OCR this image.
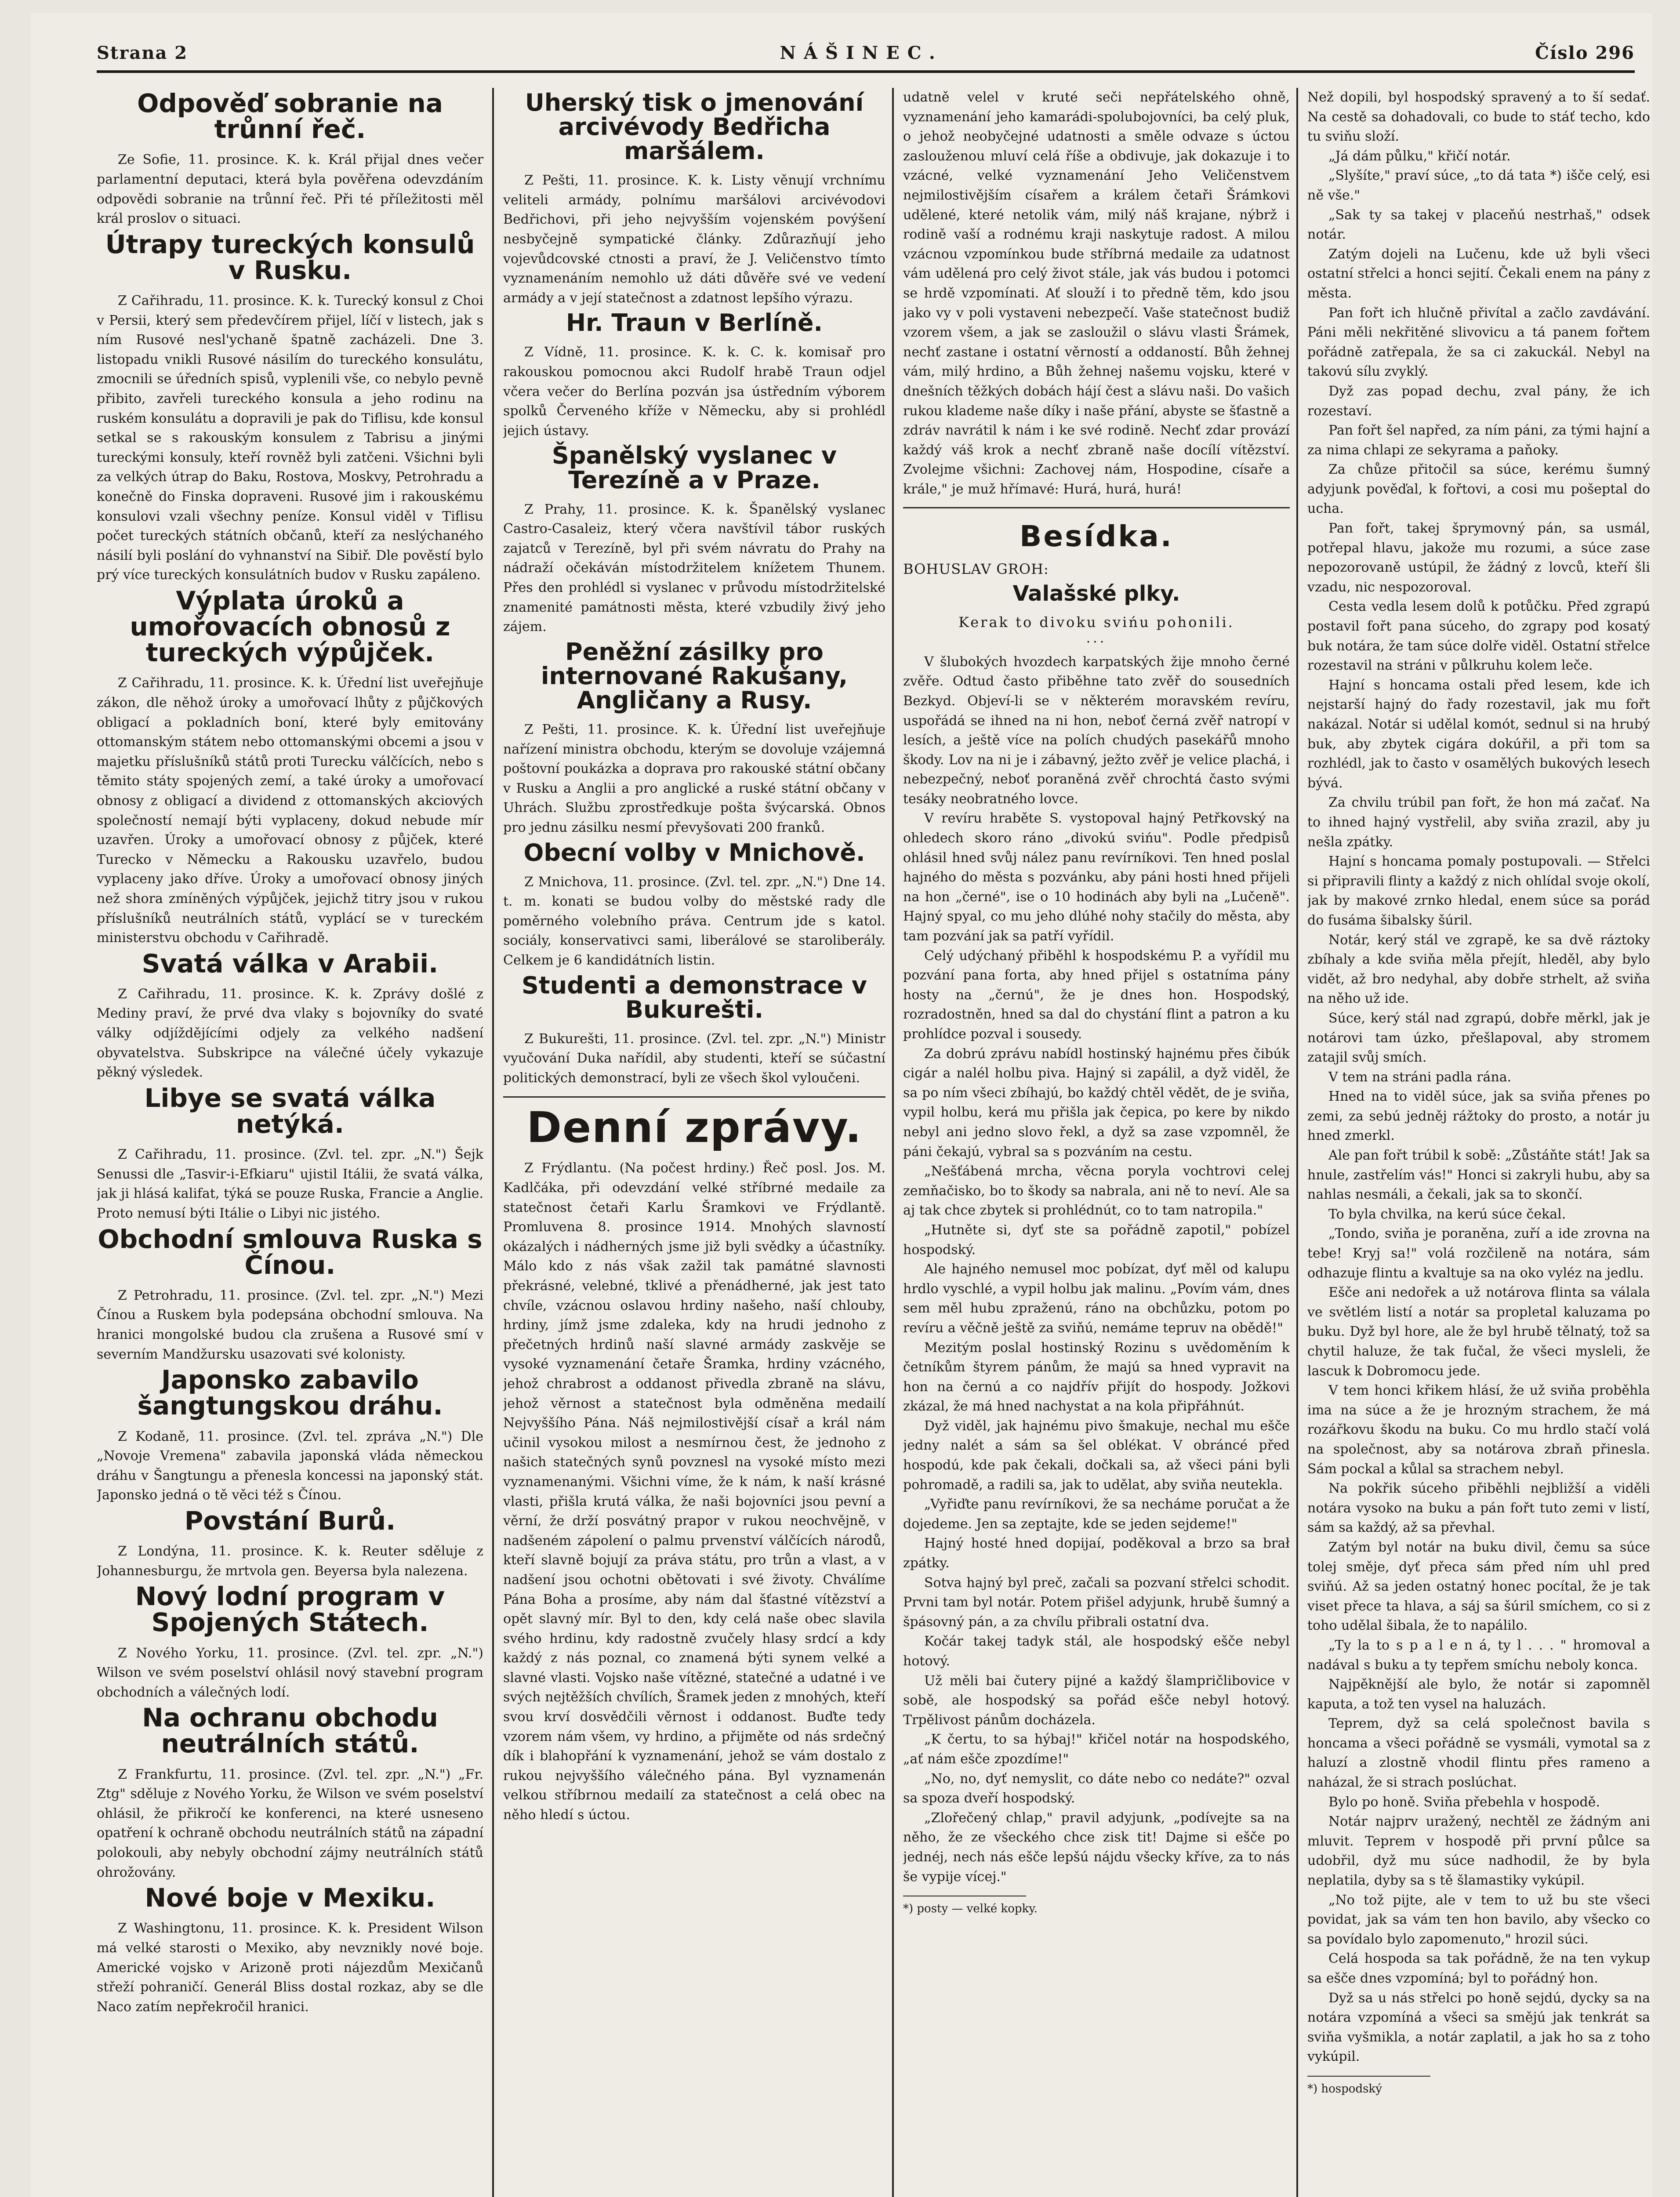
Strana 2	NÁŠINEC.	Číslo 296
Odpověď sobranie na trůnní řeč.

Ze Sofie, 11. prosince. K. k. Král přijal dnes večer parlamentní deputaci, která byla pověřena odevzdáním odpovědi sobranie na trůnní řeč. Při té příležitosti měl král proslov o situaci.

Útrapy tureckých konsulů v Rusku.

Z Cařihradu, 11. prosince. K. k. Turecký konsul z Choi v Persii, který sem předevčírem přijel, líčí v listech, jak s ním Rusové nesl'ychaně špatně zacházeli. Dne 3. listopadu vnikli Rusové násilím do tureckého konsulátu, zmocnili se úředních spisů, vyplenili vše, co nebylo pevně přibito, zavřeli tureckého konsula a jeho rodinu na ruském konsulátu a dopravili je pak do Tiflisu, kde konsul setkal se s rakouským konsulem z Tabrisu a jinými tureckými konsuly, kteří rovněž byli zatčeni. Všichni byli za velkých útrap do Baku, Rostova, Moskvy, Petrohradu a konečně do Finska dopraveni. Rusové jim i rakouskému konsulovi vzali všechny peníze. Konsul viděl v Tiflisu počet tureckých státních občanů, kteří za neslýchaného násilí byli poslání do vyhnanství na Sibiř. Dle pověstí bylo prý více tureckých konsulátních budov v Rusku zapáleno.

Výplata úroků a umořovacích obnosů z tureckých výpůjček.

Z Cařihradu, 11. prosince. K. k. Úřední list uveřejňuje zákon, dle něhož úroky a umořovací lhůty z půjčkových obligací a pokladních boní, které byly emitovány ottomanským státem nebo ottomanskými obcemi a jsou v majetku příslušníků států proti Turecku válčících, nebo s těmito státy spojených zemí, a také úroky a umořovací obnosy z obligací a dividend z ottomanských akciových společností nemají býti vyplaceny, dokud nebude mír uzavřen. Úroky a umořovací obnosy z půjček, které Turecko v Německu a Rakousku uzavřelo, budou vyplaceny jako dříve. Úroky a umořovací obnosy jiných než shora zmíněných výpůjček, jejichž titry jsou v rukou příslušníků neutrálních států, vyplácí se v tureckém ministerstvu obchodu v Cařihradě.

Svatá válka v Arabii.

Z Cařihradu, 11. prosince. K. k. Zprávy došlé z Mediny praví, že prvé dva vlaky s bojovníky do svaté války odjíždějícími odjely za velkého nadšení obyvatelstva. Subskripce na válečné účely vykazuje pěkný výsledek.

Libye se svatá válka netýká.

Z Cařihradu, 11. prosince. (Zvl. tel. zpr. „N.") Šejk Senussi dle „Tasvir-i-Efkiaru" ujistil Itálii, že svatá válka, jak ji hlásá kalifat, týká se pouze Ruska, Francie a Anglie. Proto nemusí býti Itálie o Libyi nic jistého.

Obchodní smlouva Ruska s Čínou.

Z Petrohradu, 11. prosince. (Zvl. tel. zpr. „N.") Mezi Čínou a Ruskem byla podepsána obchodní smlouva. Na hranici mongolské budou cla zrušena a Rusové smí v severním Mandžursku usazovati své kolonisty.

Japonsko zabavilo šangtungskou dráhu.

Z Kodaně, 11. prosince. (Zvl. tel. zpráva „N.") Dle „Novoje Vremena" zabavila japonská vláda německou dráhu v Šangtungu a přenesla koncessi na japonský stát. Japonsko jedná o tě věci též s Čínou.

Povstání Burů.

Z Londýna, 11. prosince. K. k. Reuter sděluje z Johannesburgu, že mrtvola gen. Beyersa byla nalezena.

Nový lodní program v Spojených Státech.

Z Nového Yorku, 11. prosince. (Zvl. tel. zpr. „N.") Wilson ve svém poselství ohlásil nový stavební program obchodních a válečných lodí.

Na ochranu obchodu neutrálních států.

Z Frankfurtu, 11. prosince. (Zvl. tel. zpr. „N.") „Fr. Ztg" sděluje z Nového Yorku, že Wilson ve svém poselství ohlásil, že přikročí ke konferenci, na které usneseno opatření k ochraně obchodu neutrálních států na západní polokouli, aby nebyly obchodní zájmy neutrálních států ohrožovány.

Nové boje v Mexiku.

Z Washingtonu, 11. prosince. K. k. President Wilson má velké starosti o Mexiko, aby nevznikly nové boje. Americké vojsko v Arizoně proti nájezdům Mexičanů střeží pohraničí. Generál Bliss dostal rozkaz, aby se dle Naco zatím nepřekročil hranici.

Uherský tisk o jmenování arcivévody Bedřicha maršálem.

Z Pešti, 11. prosince. K. k. Listy věnují vrchnímu veliteli armády, polnímu maršálovi arcivévodovi Bedřichovi, při jeho nejvyšším vojenském povýšení nesbyčejně sympatické články. Zdůrazňují jeho vojevůdcovské ctnosti a praví, že J. Veličenstvo tímto vyznamenáním nemohlo už dáti důvěře své ve vedení armády a v její statečnost a zdatnost lepšího výrazu.

Hr. Traun v Berlíně.

Z Vídně, 11. prosince. K. k. C. k. komisař pro rakouskou pomocnou akci Rudolf hrabě Traun odjel včera večer do Berlína pozván jsa ústředním výborem spolků Červeného kříže v Německu, aby si prohlédl jejich ústavy.

Španělský vyslanec v Terezíně a v Praze.

Z Prahy, 11. prosince. K. k. Španělský vyslanec Castro-Casaleiz, který včera navštívil tábor ruských zajatců v Terezíně, byl při svém návratu do Prahy na nádraží očekáván místodržitelem knížetem Thunem. Přes den prohlédl si vyslanec v průvodu místodržitelské znamenité památnosti města, které vzbudily živý jeho zájem.

Peněžní zásilky pro internované Rakušany, Angličany a Rusy.

Z Pešti, 11. prosince. K. k. Úřední list uveřejňuje nařízení ministra obchodu, kterým se dovoluje vzájemná poštovní poukázka a doprava pro rakouské státní občany v Rusku a Anglii a pro anglické a ruské státní občany v Uhrách. Službu zprostředkuje pošta švýcarská. Obnos pro jednu zásilku nesmí převyšovati 200 franků.

Obecní volby v Mnichově.

Z Mnichova, 11. prosince. (Zvl. tel. zpr. „N.") Dne 14. t. m. konati se budou volby do městské rady dle poměrného volebního práva. Centrum jde s katol. sociály, konservativci sami, liberálové se staroliberály. Celkem je 6 kandidátních listin.

Studenti a demonstrace v Bukurešti.

Z Bukurešti, 11. prosince. (Zvl. tel. zpr. „N.") Ministr vyučování Duka nařídil, aby studenti, kteří se súčastní politických demonstrací, byli ze všech škol vyloučeni.

Denní zprávy.

Z Frýdlantu. (Na počest hrdiny.) Řeč posl. Jos. M. Kadlčáka, při odevzdání velké stříbrné medaile za statečnost četaři Karlu Šramkovi ve Frýdlantě. Promluvena 8. prosince 1914. Mnohých slavností okázalých i nádherných jsme již byli svědky a účastníky. Málo kdo z nás však zažil tak památné slavnosti překrásné, velebné, tklivé a přenádherné, jak jest tato chvíle, vzácnou oslavou hrdiny našeho, naší chlouby, hrdiny, jímž jsme zdaleka, kdy na hrudi jednoho z přečetných hrdinů naší slavné armády zaskvěje se vysoké vyznamenání četaře Šramka, hrdiny vzácného, jehož chrabrost a oddanost přivedla zbraně na slávu, jehož věrnost a statečnost byla odměněna medailí Nejvyššího Pána. Náš nejmilostivější císař a král nám učinil vysokou milost a nesmírnou čest, že jednoho z našich statečných synů povznesl na vysoké místo mezi vyznamenanými. Všichni víme, že k nám, k naší krásné vlasti, přišla krutá válka, že naši bojovníci jsou pevní a věrní, že drží posvátný prapor v rukou neochvějně, v nadšeném zápolení o palmu prvenství válčících národů, kteří slavně bojují za práva státu, pro trůn a vlast, a v nadšení jsou ochotni obětovati i své životy. Chválíme Pána Boha a prosíme, aby nám dal šťastné vítězství a opět slavný mír. Byl to den, kdy celá naše obec slavila svého hrdinu, kdy radostně zvučely hlasy srdcí a kdy každý z nás poznal, co znamená býti synem velké a slavné vlasti. Vojsko naše vítězné, statečné a udatné i ve svých nejtěžších chvílích, Šramek jeden z mnohých, kteří svou krví dosvědčili věrnost i oddanost. Buďte tedy vzorem nám všem, vy hrdino, a přijměte od nás srdečný dík i blahopřání k vyznamenání, jehož se vám dostalo z rukou nejvyššího válečného pána. Byl vyznamenán velkou stříbrnou medailí za statečnost a celá obec na něho hledí s úctou.

udatně velel v kruté seči nepřátelského ohně, vyznamenání jeho kamarádi-spolubojovníci, ba celý pluk, o jehož neobyčejné udatnosti a směle odvaze s úctou zaslouženou mluví celá říše a obdivuje, jak dokazuje i to vzácné, velké vyznamenání Jeho Veličenstvem nejmilostivějším císařem a králem četaři Šrámkovi udělené, které netolik vám, milý náš krajane, nýbrž i rodině vaší a rodnému kraji naskytuje radost. A milou vzácnou vzpomínkou bude stříbrná medaile za udatnost vám udělená pro celý život stále, jak vás budou i potomci se hrdě vzpomínati. Ať slouží i to předně těm, kdo jsou jako vy v poli vystaveni nebezpečí. Vaše statečnost budiž vzorem všem, a jak se zasloužil o slávu vlasti Šrámek, nechť zastane i ostatní věrností a oddaností. Bůh žehnej vám, milý hrdino, a Bůh žehnej našemu vojsku, které v dnešních těžkých dobách hájí čest a slávu naši. Do vašich rukou klademe naše díky i naše přání, abyste se šťastně a zdráv navrátil k nám i ke své rodině. Nechť zdar provází každý váš krok a nechť zbraně naše docílí vítězství. Zvolejme všichni: Zachovej nám, Hospodine, císaře a krále," je muž hřímavé: Hurá, hurá, hurá!

Besídka.
BOHUSLAV GROH:
Valašské plky.
Kerak to divoku svińu pohonili.
···

V šlubokých hvozdech karpatských žije mnoho černé zvěře. Odtud často přiběhne tato zvěř do sousedních Bezkyd. Objeví-li se v některém moravském revíru, uspořádá se ihned na ni hon, neboť černá zvěř natropí v lesích, a ještě více na polích chudých pasekářů mnoho škody. Lov na ni je i zábavný, ježto zvěř je velice plachá, i nebezpečný, neboť poraněná zvěř chrochtá často svými tesáky neobratného lovce.

V revíru hraběte S. vystopoval hajný Petřkovský na ohledech skoro ráno „divokú svińu". Podle předpisů ohlásil hned svůj nález panu revírníkovi. Ten hned poslal hajného do města s pozvánku, aby páni hosti hned přijeli na hon „černé", ise o 10 hodinách aby byli na „Lučeně". Hajný spyal, co mu jeho dlúhé nohy stačily do města, aby tam pozvání jak sa patří vyřídil.

Celý udýchaný přiběhl k hospodskému P. a vyřídil mu pozvání pana forta, aby hned přijel s ostatníma pány hosty na „černú", že je dnes hon. Hospodský, rozradostněn, hned sa dal do chystání flint a patron a ku prohlídce pozval i sousedy.

Za dobrú zprávu nabídl hostinský hajnému přes čibúk cigár a nalél holbu piva. Hajný si zapálil, a dyž viděl, že sa po ním všeci zbíhajú, bo každý chtěl vědět, de je sviňa, vypil holbu, kerá mu přišla jak čepica, po kere by nikdo nebyl ani jedno slovo řekl, a dyž sa zase vzpomněl, že páni čekajú, vybral sa s pozváním na cestu.

„Nešťábená mrcha, věcna poryla vochtrovi celej zemňačisko, bo to škody sa nabrala, ani ně to neví. Ale sa aj tak chce zbytek si prohlédnút, co to tam natropila."

„Hutněte si, dyť ste sa pořádně zapotil," pobízel hospodský.

Ale hajného nemusel moc pobízat, dyť měl od kalupu hrdlo vyschlé, a vypil holbu jak malinu. „Povím vám, dnes sem měl hubu zpraženú, ráno na obchůzku, potom po revíru a věčně ještě za sviňú, nemáme tepruv na obědě!"

Mezitým poslal hostinský Rozinu s uvědoměním k četníkům štyrem pánům, že majú sa hned vypravit na hon na černú a co najdřív přijít do hospody. Jožkovi zkázal, že má hned nachystat a na kola připřáhnút.

Dyž viděl, jak hajnému pivo šmakuje, nechal mu ešče jedny nalét a sám sa šel oblékat. V obráncé před hospodú, kde pak čekali, dočkali sa, až všeci páni byli pohromadě, a radili sa, jak to udělat, aby sviňa neutekla.

„Vyřiďte panu revírníkovi, že sa necháme poručat a že dojedeme. Jen sa zeptajte, kde se jeden sejdeme!"

Hajný hosté hned dopijaí, poděkoval a brzo sa brał zpátky.

Sotva hajný byl preč, začali sa pozvaní střelci schodit. Prvni tam byl notár. Potem přišel adyjunk, hrubě šumný a špásovný pán, a za chvílu přibrali ostatní dva.

Kočár takej tadyk stál, ale hospodský ešče nebyl hotový.

Už měli bai čutery pijné a každý šlampričlibovice v sobě, ale hospodský sa pořád ešče nebyl hotový. Trpělivost pánům docházela.

„K čertu, to sa hýbaj!" křičel notár na hospodského, „ať nám ešče zpozdíme!"

„No, no, dyť nemyslit, co dáte nebo co nedáte?" ozval sa spoza dveří hospodský.

„Zlořečený chlap," pravil adyjunk, „podívejte sa na něho, že ze všeckého chce zisk tit! Dajme si ešče po jednéj, nech nás ešče lepšú nájdu všecky kříve, za to nás še vypije vícej."

*) posty — velké kopky.

Než dopili, byl hospodský spravený a to ší sedať. Na cestě sa dohadovali, co bude to stáť techo, kdo tu sviňu složí.

„Já dám půlku," křičí notár.

„Slyšíte," praví súce, „to dá tata *) išče celý, esi ně vše."

„Sak ty sa takej v placeňú nestrhaš," odsek notár.

Zatým dojeli na Lučenu, kde už byli všeci ostatní střelci a honci sejití. Čekali enem na pány z města.

Pan fořt ich hlučně přivítal a začlo zavdávání. Páni měli nekřitěné slivovicu a tá panem fořtem pořádně zatřepala, že sa ci zakuckál. Nebyl na takovú sílu zvyklý.

Dyž zas popad dechu, zval pány, že ich rozestaví.

Pan fořt šel napřed, za ním páni, za tými hajní a za nima chlapi ze sekyrama a paňoky.

Za chůze přitočil sa súce, kerému šumný adyjunk pověďal, k fořtovi, a cosi mu pošeptal do ucha.

Pan fořt, takej šprymovný pán, sa usmál, potřepal hlavu, jakože mu rozumi, a súce zase nepozorovaně ustúpil, že žádný z lovců, kteří šli vzadu, nic nespozoroval.

Cesta vedla lesem dolů k potůčku. Před zgrapú postavil fořt pana súceho, do zgrapy pod kosatý buk notára, že tam súce dolře viděl. Ostatní střelce rozestavil na stráni v půlkruhu kolem leče.

Hajní s honcama ostali před lesem, kde ich nejstarší hajný do řady rozestavil, jak mu fořt nakázal. Notár si udělal komót, sednul si na hrubý buk, aby zbytek cigára dokúřil, a při tom sa rozhlédl, jak to často v osamělých bukových lesech bývá.

Za chvilu trúbil pan fořt, že hon má začať. Na to ihned hajný vystřelil, aby sviňa zrazil, aby ju nešla zpátky.

Hajní s honcama pomaly postupovali. — Střelci si připravili flinty a každý z nich ohlídal svoje okolí, jak by makové zrnko hledal, enem súce sa porád do fusáma šibalsky šúril.

Notár, kerý stál ve zgrapě, ke sa dvě ráztoky zbíhaly a kde sviňa měla přejít, hleděl, aby bylo vidět, až bro nedyhal, aby dobře strhelt, až sviňa na něho už ide.

Súce, kerý stál nad zgrapú, dobře měrkl, jak je notárovi tam úzko, přešlapoval, aby stromem zatajil svůj smích.

V tem na stráni padla rána.

Hned na to viděl súce, jak sa sviňa přenes po zemi, za sebú jedněj rážtoky do prosto, a notár ju hned zmerkl.

Ale pan fořt trúbil k sobě: „Zůstáňte stát! Jak sa hnule, zastřelím vás!" Honci si zakryli hubu, aby sa nahlas nesmáli, a čekali, jak sa to skončí.

To byla chvilka, na kerú súce čekal.

„Tondo, sviňa je poraněna, zuří a ide zrovna na tebe! Kryj sa!" volá rozčileně na notára, sám odhazuje flintu a kvaltuje sa na oko vyléz na jedlu.

Ešče ani nedořek a už notárova flinta sa válala ve světlém listí a notár sa propletal kaluzama po buku. Dyž byl hore, ale že byl hrubě tělnatý, tož sa chytil haluze, že tak fučal, že všeci mysleli, že lascuk k Dobromocu jede.

V tem honci křikem hlásí, že už sviňa proběhla ima na súce a že je hrozným strachem, že má rozářkovu škodu na buku. Co mu hrdlo stačí volá na společnost, aby sa notárova zbraň přinesla. Sám pockal a kůlal sa strachem nebyl.

Na pokřik súceho přiběhli nejbližší a viděli notára vysoko na buku a pán fořt tuto zemi v listí, sám sa každý, až sa převhal.

Zatým byl notár na buku divil, čemu sa súce tolej směje, dyť přeca sám před ním uhl pred sviňú. Až sa jeden ostatný honec pocítal, že je tak viset přece ta hlava, a sáj sa šúril smíchem, co si z toho udělal šibala, že to napálilo.

„Ty la to s p a l e n á, ty l . . . " hromoval a nadával s buku a ty tepřem smíchu neboly konca.

Najpěknější ale bylo, že notár si zapomněl kaputa, a tož ten vysel na haluzách.

Teprem, dyž sa celá společnost bavila s honcama a všeci pořádně se vysmáli, vymotal sa z haluzí a zlostně vhodil flintu přes rameno a naházal, že si strach poslúchat.

Bylo po honě. Sviňa přebehla v hospodě.

Notár najprv uražený, nechtěl ze žádným ani mluvit. Teprem v hospodě při první půlce sa udobřil, dyž mu súce nadhodil, že by byla neplatila, dyby sa s tě šlamastiky vykúpil.

„No tož pijte, ale v tem to už bu ste všeci povidat, jak sa vám ten hon bavilo, aby všecko co sa povídalo bylo zapomenuto," hrozil súci.

Celá hospoda sa tak pořádně, že na ten vykup sa ešče dnes vzpomíná; byl to pořádný hon.

Dyž sa u nás střelci po honě sejdú, dycky sa na notára vzpomíná a všeci sa smějú jak tenkrát sa sviňa vyšmikla, a notár zaplatil, a jak ho sa z toho vykúpil.

*) hospodský
